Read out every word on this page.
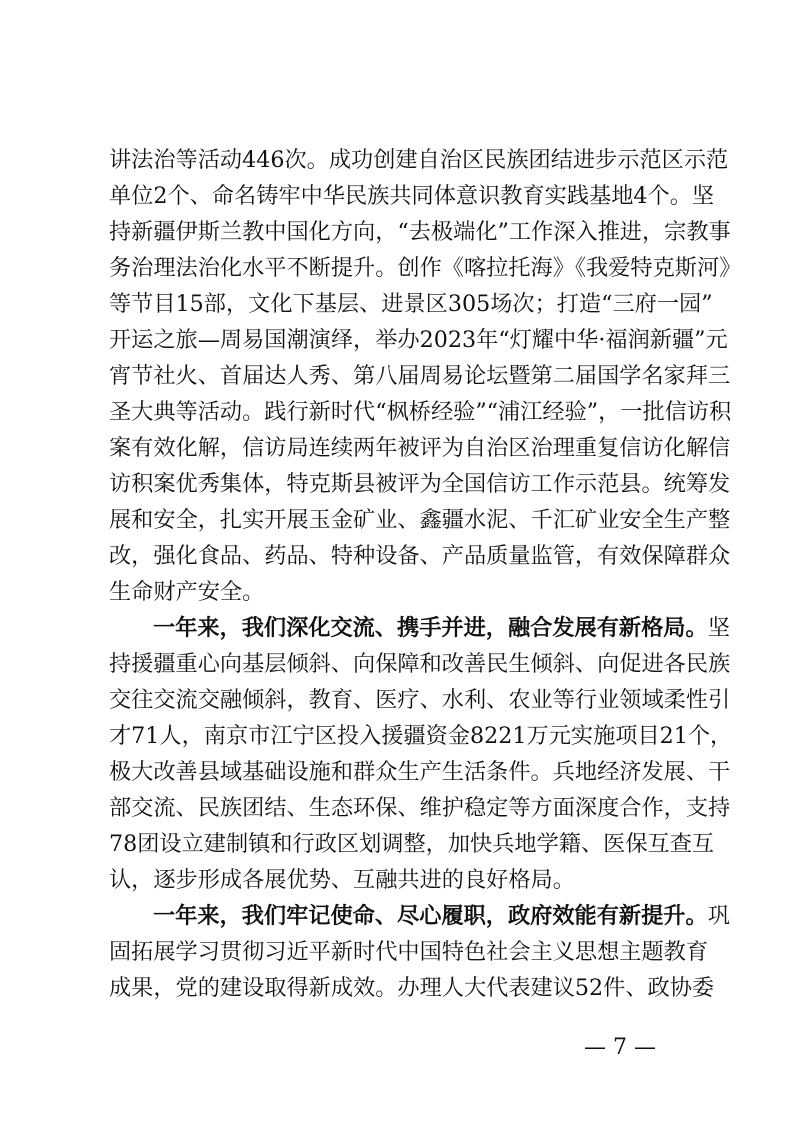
讲法治等活动446次。成功创建自治区民族团结进步示范区示范
单位2个、命名铸牢中华民族共同体意识教育实践基地4个。坚
持新疆伊斯兰教中国化方向，“去极端化”工作深入推进，宗教事
务治理法治化水平不断提升。创作《喀拉托海》《我爱特克斯河》
等节目15部，文化下基层、进景区305场次；打造“三府一园”
开运之旅—周易国潮演绎，举办2023年“灯耀中华·福润新疆”元
宵节社火、首届达人秀、第八届周易论坛暨第二届国学名家拜三
圣大典等活动。践行新时代“枫桥经验”“浦江经验”，一批信访积
案有效化解，信访局连续两年被评为自治区治理重复信访化解信
访积案优秀集体，特克斯县被评为全国信访工作示范县。统筹发
展和安全，扎实开展玉金矿业、鑫疆水泥、千汇矿业安全生产整
改，强化食品、药品、特种设备、产品质量监管，有效保障群众
生命财产安全。
一年来，我们深化交流、携手并进，融合发展有新格局。坚
持援疆重心向基层倾斜、向保障和改善民生倾斜、向促进各民族
交往交流交融倾斜，教育、医疗、水利、农业等行业领域柔性引
才71人，南京市江宁区投入援疆资金8221万元实施项目21个，
极大改善县域基础设施和群众生产生活条件。兵地经济发展、干
部交流、民族团结、生态环保、维护稳定等方面深度合作，支持
78团设立建制镇和行政区划调整，加快兵地学籍、医保互查互
认，逐步形成各展优势、互融共进的良好格局。
一年来，我们牢记使命、尽心履职，政府效能有新提升。巩
固拓展学习贯彻习近平新时代中国特色社会主义思想主题教育
成果，党的建设取得新成效。办理人大代表建议52件、政协委
— 7 —
